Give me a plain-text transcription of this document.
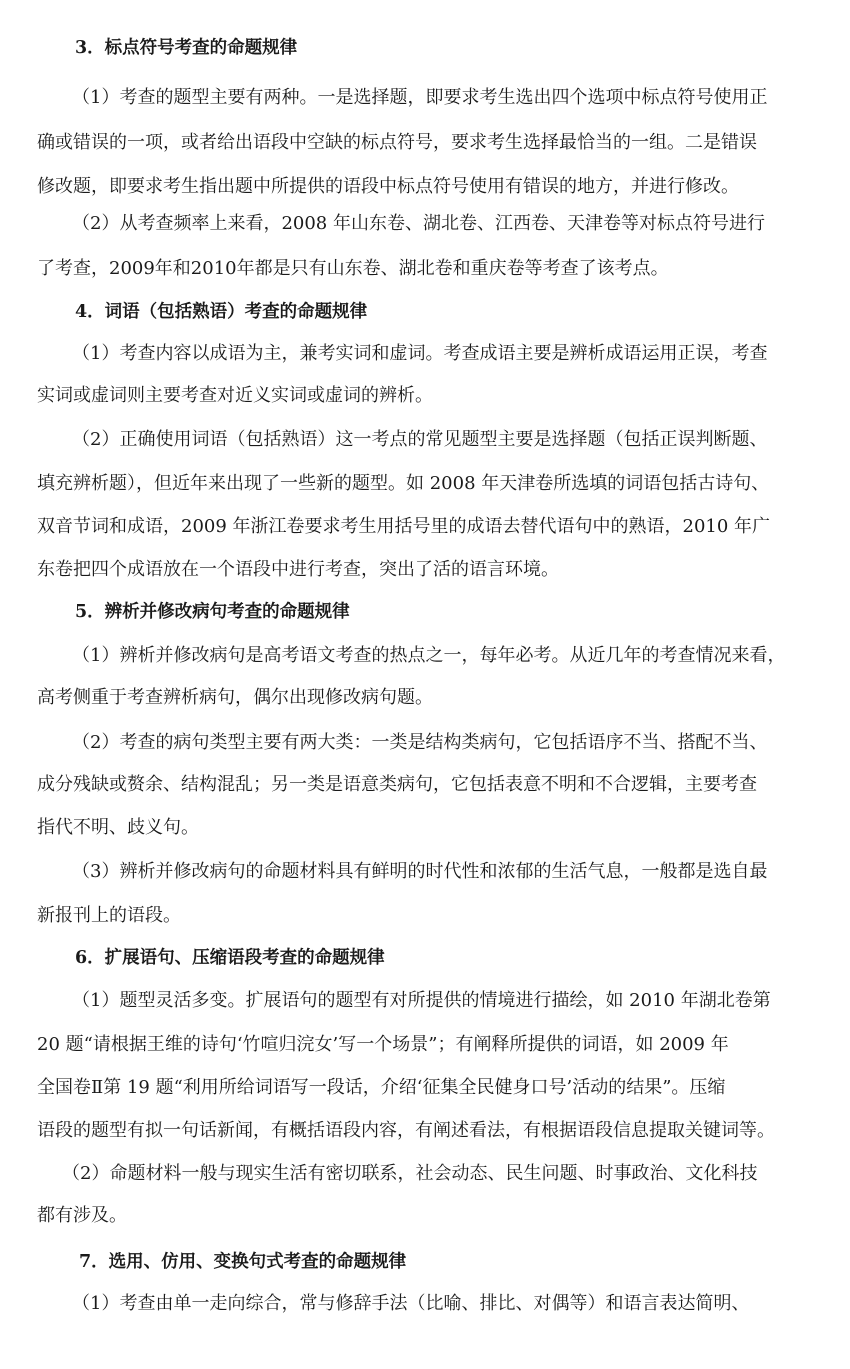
3．标点符号考查的命题规律
（1）考查的题型主要有两种。一是选择题，即要求考生选出四个选项中标点符号使用正
确或错误的一项，或者给出语段中空缺的标点符号，要求考生选择最恰当的一组。二是错误
修改题，即要求考生指出题中所提供的语段中标点符号使用有错误的地方，并进行修改。
（2）从考查频率上来看，2008 年山东卷、湖北卷、江西卷、天津卷等对标点符号进行
了考查，2009年和2010年都是只有山东卷、湖北卷和重庆卷等考查了该考点。
4．词语（包括熟语）考查的命题规律
（1）考查内容以成语为主，兼考实词和虚词。考查成语主要是辨析成语运用正误，考查
实词或虚词则主要考查对近义实词或虚词的辨析。
（2）正确使用词语（包括熟语）这一考点的常见题型主要是选择题（包括正误判断题、
填充辨析题），但近年来出现了一些新的题型。如 2008 年天津卷所选填的词语包括古诗句、
双音节词和成语，2009 年浙江卷要求考生用括号里的成语去替代语句中的熟语，2010 年广
东卷把四个成语放在一个语段中进行考查，突出了活的语言环境。
5．辨析并修改病句考查的命题规律
（1）辨析并修改病句是高考语文考查的热点之一，每年必考。从近几年的考查情况来看，
高考侧重于考查辨析病句，偶尔出现修改病句题。
（2）考查的病句类型主要有两大类：一类是结构类病句，它包括语序不当、搭配不当、
成分残缺或赘余、结构混乱；另一类是语意类病句，它包括表意不明和不合逻辑，主要考查
指代不明、歧义句。
（3）辨析并修改病句的命题材料具有鲜明的时代性和浓郁的生活气息，一般都是选自最
新报刊上的语段。
6．扩展语句、压缩语段考查的命题规律
（1）题型灵活多变。扩展语句的题型有对所提供的情境进行描绘，如 2010 年湖北卷第
20 题“请根据王维的诗句‘竹喧归浣女’写一个场景”；有阐释所提供的词语，如 2009 年
全国卷Ⅱ第 19 题“利用所给词语写一段话，介绍‘征集全民健身口号’活动的结果”。压缩
语段的题型有拟一句话新闻，有概括语段内容，有阐述看法，有根据语段信息提取关键词等。
（2）命题材料一般与现实生活有密切联系，社会动态、民生问题、时事政治、文化科技
都有涉及。
7．选用、仿用、变换句式考查的命题规律
（1）考查由单一走向综合，常与修辞手法（比喻、排比、对偶等）和语言表达简明、
